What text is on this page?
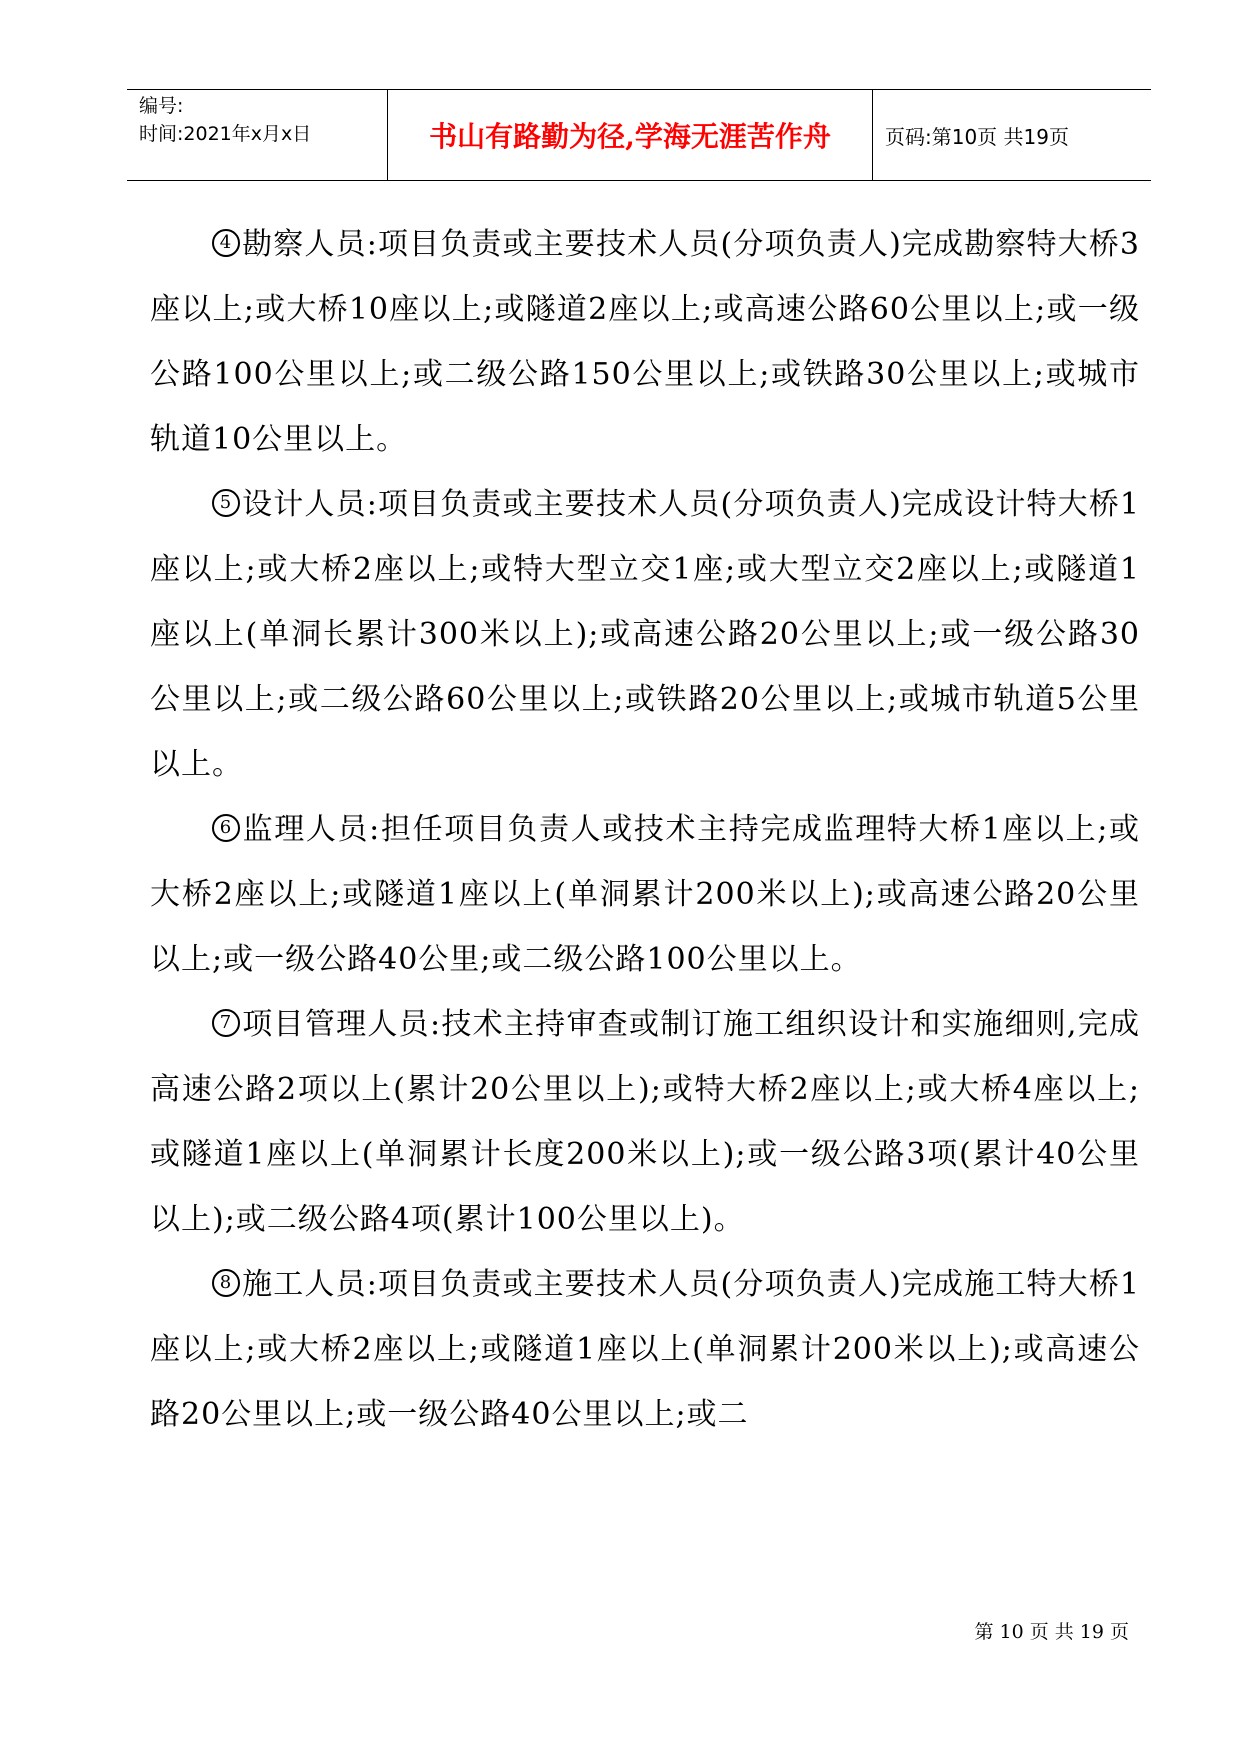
编号:
时间:2021年x月x日	书山有路勤为径,学海无涯苦作舟	页码:第10页 共19页

4 勘察人员:项目负责或主要技术人员(分项负责人)完成勘察特大桥3座以上;或大桥10座以上;或隧道2座以上;或高速公路60公里以上;或一级公路100公里以上;或二级公路150公里以上;或铁路30公里以上;或城市轨道10公里以上。

5 设计人员:项目负责或主要技术人员(分项负责人)完成设计特大桥1座以上;或大桥2座以上;或特大型立交1座;或大型立交2座以上;或隧道1座以上(单洞长累计300米以上);或高速公路20公里以上;或一级公路30公里以上;或二级公路60公里以上;或铁路20公里以上;或城市轨道5公里以上。

6 监理人员:担任项目负责人或技术主持完成监理特大桥1座以上;或大桥2座以上;或隧道1座以上(单洞累计200米以上);或高速公路20公里以上;或一级公路40公里;或二级公路100公里以上。

7 项目管理人员:技术主持审查或制订施工组织设计和实施细则,完成高速公路2项以上(累计20公里以上);或特大桥2座以上;或大桥4座以上;或隧道1座以上(单洞累计长度200米以上);或一级公路3项(累计40公里以上);或二级公路4项(累计100公里以上)。

8 施工人员:项目负责或主要技术人员(分项负责人)完成施工特大桥1座以上;或大桥2座以上;或隧道1座以上(单洞累计200米以上);或高速公路20公里以上;或一级公路40公里以上;或二

第 10 页 共 19 页
